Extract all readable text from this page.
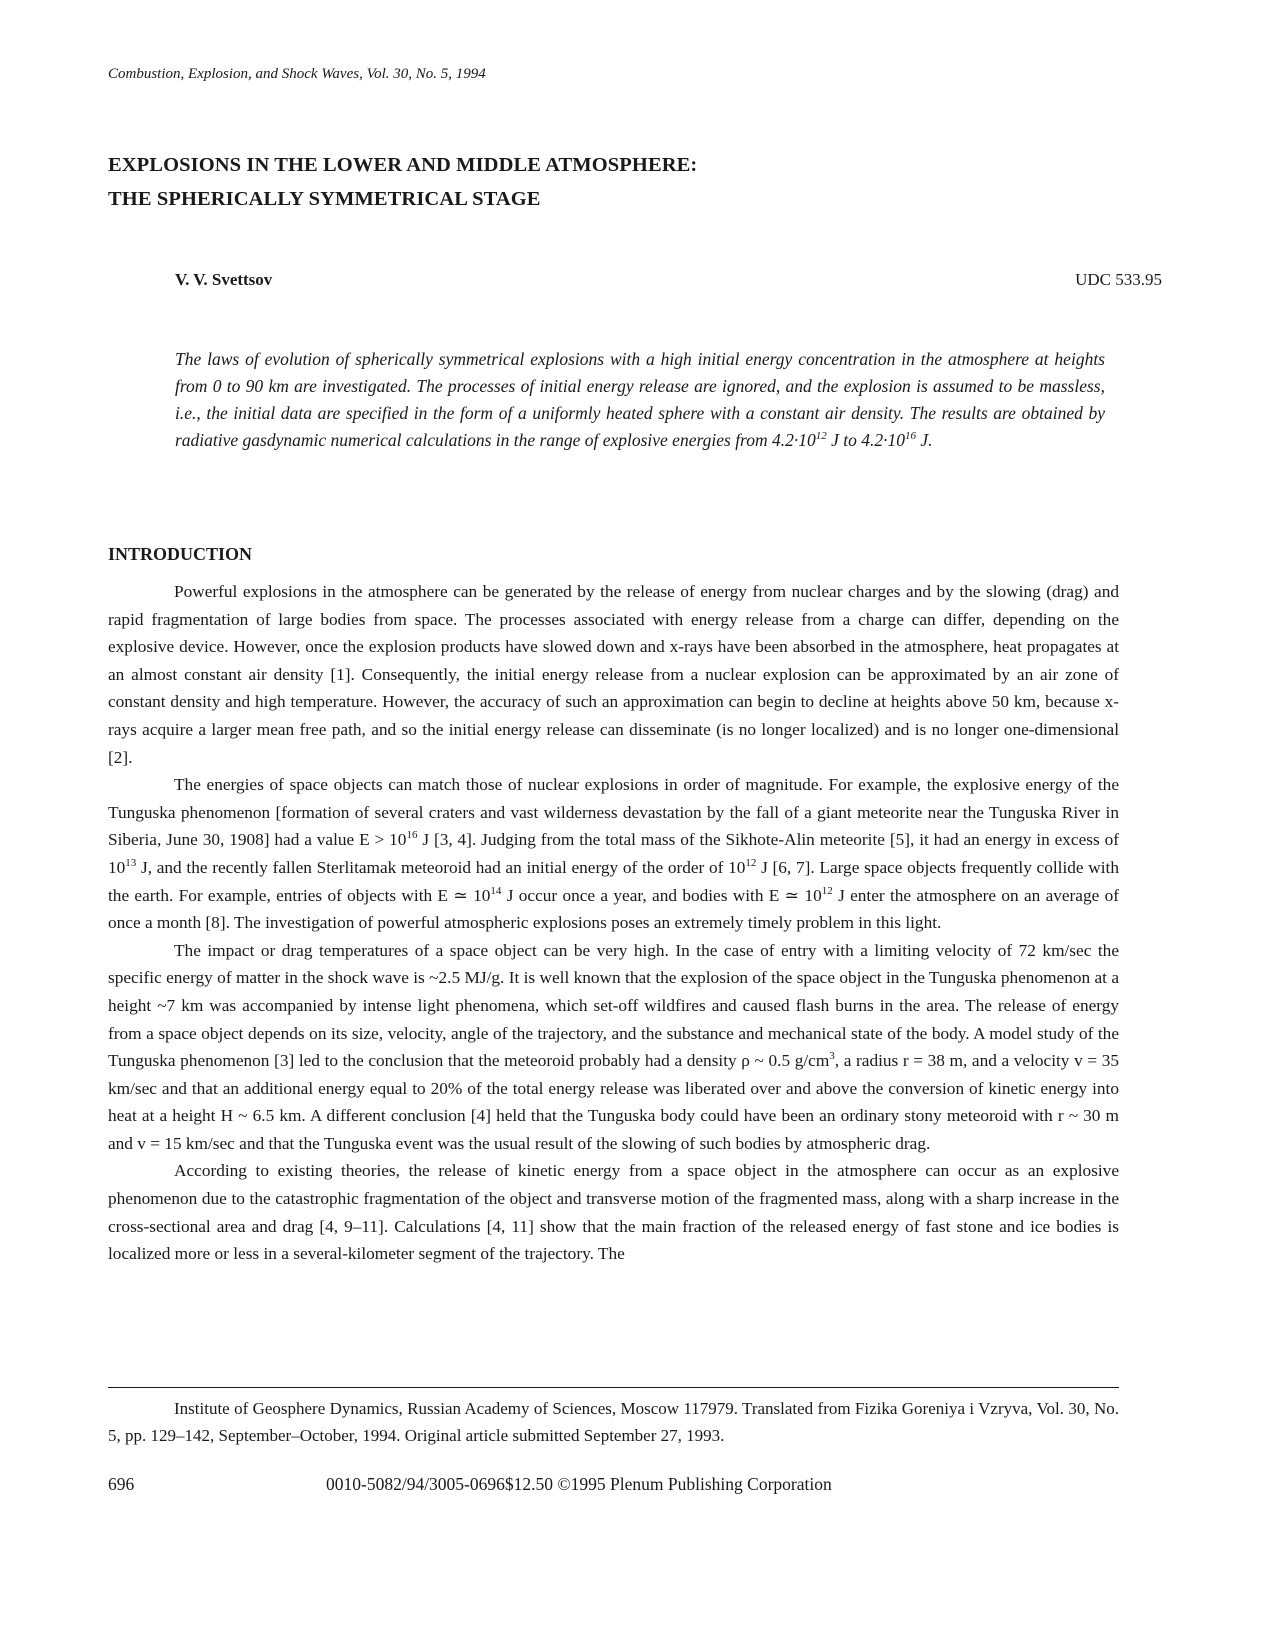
Combustion, Explosion, and Shock Waves, Vol. 30, No. 5, 1994
EXPLOSIONS IN THE LOWER AND MIDDLE ATMOSPHERE:
THE SPHERICALLY SYMMETRICAL STAGE
V. V. Svettsov	UDC 533.95
The laws of evolution of spherically symmetrical explosions with a high initial energy concentration in the atmosphere at heights from 0 to 90 km are investigated. The processes of initial energy release are ignored, and the explosion is assumed to be massless, i.e., the initial data are specified in the form of a uniformly heated sphere with a constant air density. The results are obtained by radiative gasdynamic numerical calculations in the range of explosive energies from $4.2\cdot 10^{12}$ J to $4.2\cdot 10^{16}$ J.
INTRODUCTION

Powerful explosions in the atmosphere can be generated by the release of energy from nuclear charges and by the slowing (drag) and rapid fragmentation of large bodies from space. The processes associated with energy release from a charge can differ, depending on the explosive device. However, once the explosion products have slowed down and x-rays have been absorbed in the atmosphere, heat propagates at an almost constant air density [1]. Consequently, the initial energy release from a nuclear explosion can be approximated by an air zone of constant density and high temperature. However, the accuracy of such an approximation can begin to decline at heights above 50 km, because x-rays acquire a larger mean free path, and so the initial energy release can disseminate (is no longer localized) and is no longer one-dimensional [2].

The energies of space objects can match those of nuclear explosions in order of magnitude. For example, the explosive energy of the Tunguska phenomenon [formation of several craters and vast wilderness devastation by the fall of a giant meteorite near the Tunguska River in Siberia, June 30, 1908] had a value $E > 10^{16}$ J [3, 4]. Judging from the total mass of the Sikhote-Alin meteorite [5], it had an energy in excess of $10^{13}$ J, and the recently fallen Sterlitamak meteoroid had an initial energy of the order of $10^{12}$ J [6, 7]. Large space objects frequently collide with the earth. For example, entries of objects with E ≃ $10^{14}$ J occur once a year, and bodies with E ≃ $10^{12}$ J enter the atmosphere on an average of once a month [8]. The investigation of powerful atmospheric explosions poses an extremely timely problem in this light.

The impact or drag temperatures of a space object can be very high. In the case of entry with a limiting velocity of 72 km/sec the specific energy of matter in the shock wave is ~2.5 MJ/g. It is well known that the explosion of the space object in the Tunguska phenomenon at a height ~7 km was accompanied by intense light phenomena, which set-off wildfires and caused flash burns in the area. The release of energy from a space object depends on its size, velocity, angle of the trajectory, and the substance and mechanical state of the body. A model study of the Tunguska phenomenon [3] led to the conclusion that the meteoroid probably had a density ρ ~ 0.5 $g/cm^3$, a radius r = 38 m, and a velocity v = 35 km/sec and that an additional energy equal to 20% of the total energy release was liberated over and above the conversion of kinetic energy into heat at a height H ~ 6.5 km. A different conclusion [4] held that the Tunguska body could have been an ordinary stony meteoroid with r ~ 30 m and v = 15 km/sec and that the Tunguska event was the usual result of the slowing of such bodies by atmospheric drag.

According to existing theories, the release of kinetic energy from a space object in the atmosphere can occur as an explosive phenomenon due to the catastrophic fragmentation of the object and transverse motion of the fragmented mass, along with a sharp increase in the cross-sectional area and drag [4, 9–11]. Calculations [4, 11] show that the main fraction of the released energy of fast stone and ice bodies is localized more or less in a several-kilometer segment of the trajectory. The

Institute of Geosphere Dynamics, Russian Academy of Sciences, Moscow 117979. Translated from Fizika Goreniya i Vzryva, Vol. 30, No. 5, pp. 129–142, September–October, 1994. Original article submitted September 27, 1993.
696	0010-5082/94/3005-0696$12.50 ©1995 Plenum Publishing Corporation
